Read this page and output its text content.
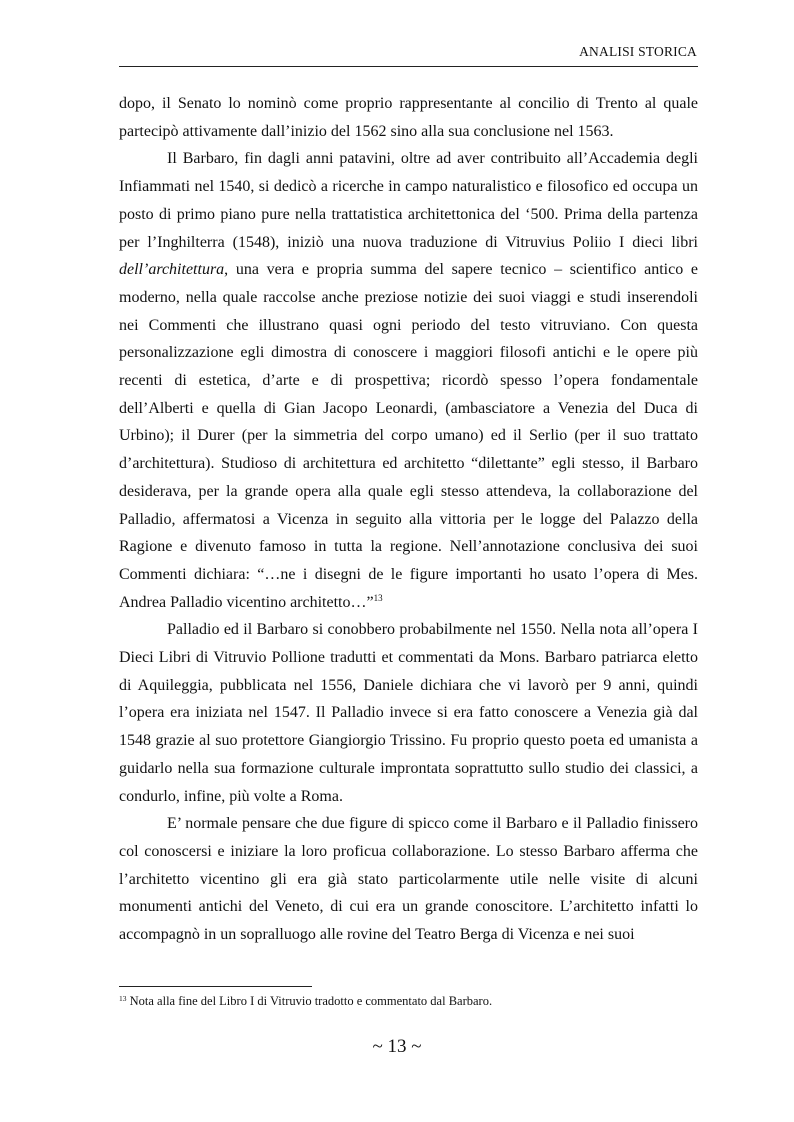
ANALISI STORICA

dopo, il Senato lo nominò come proprio rappresentante al concilio di Trento al quale partecipò attivamente dall’inizio del 1562 sino alla sua conclusione nel 1563.

Il Barbaro, fin dagli anni patavini, oltre ad aver contribuito all’Accademia degli Infiammati nel 1540, si dedicò a ricerche in campo naturalistico e filosofico ed occupa un posto di primo piano pure nella trattatistica architettonica del ‘500. Prima della partenza per l’Inghilterra (1548), iniziò una nuova traduzione di Vitruvius Poliio I dieci libri dell’architettura, una vera e propria summa del sapere tecnico – scientifico antico e moderno, nella quale raccolse anche preziose notizie dei suoi viaggi e studi inserendoli nei Commenti che illustrano quasi ogni periodo del testo vitruviano. Con questa personalizzazione egli dimostra di conoscere i maggiori filosofi antichi e le opere più recenti di estetica, d’arte e di prospettiva; ricordò spesso l’opera fondamentale dell’Alberti e quella di Gian Jacopo Leonardi, (ambasciatore a Venezia del Duca di Urbino); il Durer (per la simmetria del corpo umano) ed il Serlio (per il suo trattato d’architettura). Studioso di architettura ed architetto “dilettante” egli stesso, il Barbaro desiderava, per la grande opera alla quale egli stesso attendeva, la collaborazione del Palladio, affermatosi a Vicenza in seguito alla vittoria per le logge del Palazzo della Ragione e divenuto famoso in tutta la regione. Nell’annotazione conclusiva dei suoi Commenti dichiara: “…ne i disegni de le figure importanti ho usato l’opera di Mes. Andrea Palladio vicentino architetto…”$^{13}$

Palladio ed il Barbaro si conobbero probabilmente nel 1550. Nella nota all’opera I Dieci Libri di Vitruvio Pollione tradutti et commentati da Mons. Barbaro patriarca eletto di Aquileggia, pubblicata nel 1556, Daniele dichiara che vi lavorò per 9 anni, quindi l’opera era iniziata nel 1547. Il Palladio invece si era fatto conoscere a Venezia già dal 1548 grazie al suo protettore Giangiorgio Trissino. Fu proprio questo poeta ed umanista a guidarlo nella sua formazione culturale improntata soprattutto sullo studio dei classici, a condurlo, infine, più volte a Roma.

E’ normale pensare che due figure di spicco come il Barbaro e il Palladio finissero col conoscersi e iniziare la loro proficua collaborazione. Lo stesso Barbaro afferma che l’architetto vicentino gli era già stato particolarmente utile nelle visite di alcuni monumenti antichi del Veneto, di cui era un grande conoscitore. L’architetto infatti lo accompagnò in un sopralluogo alle rovine del Teatro Berga di Vicenza e nei suoi

$^{13}$ Nota alla fine del Libro I di Vitruvio tradotto e commentato dal Barbaro.
~ 13 ~
